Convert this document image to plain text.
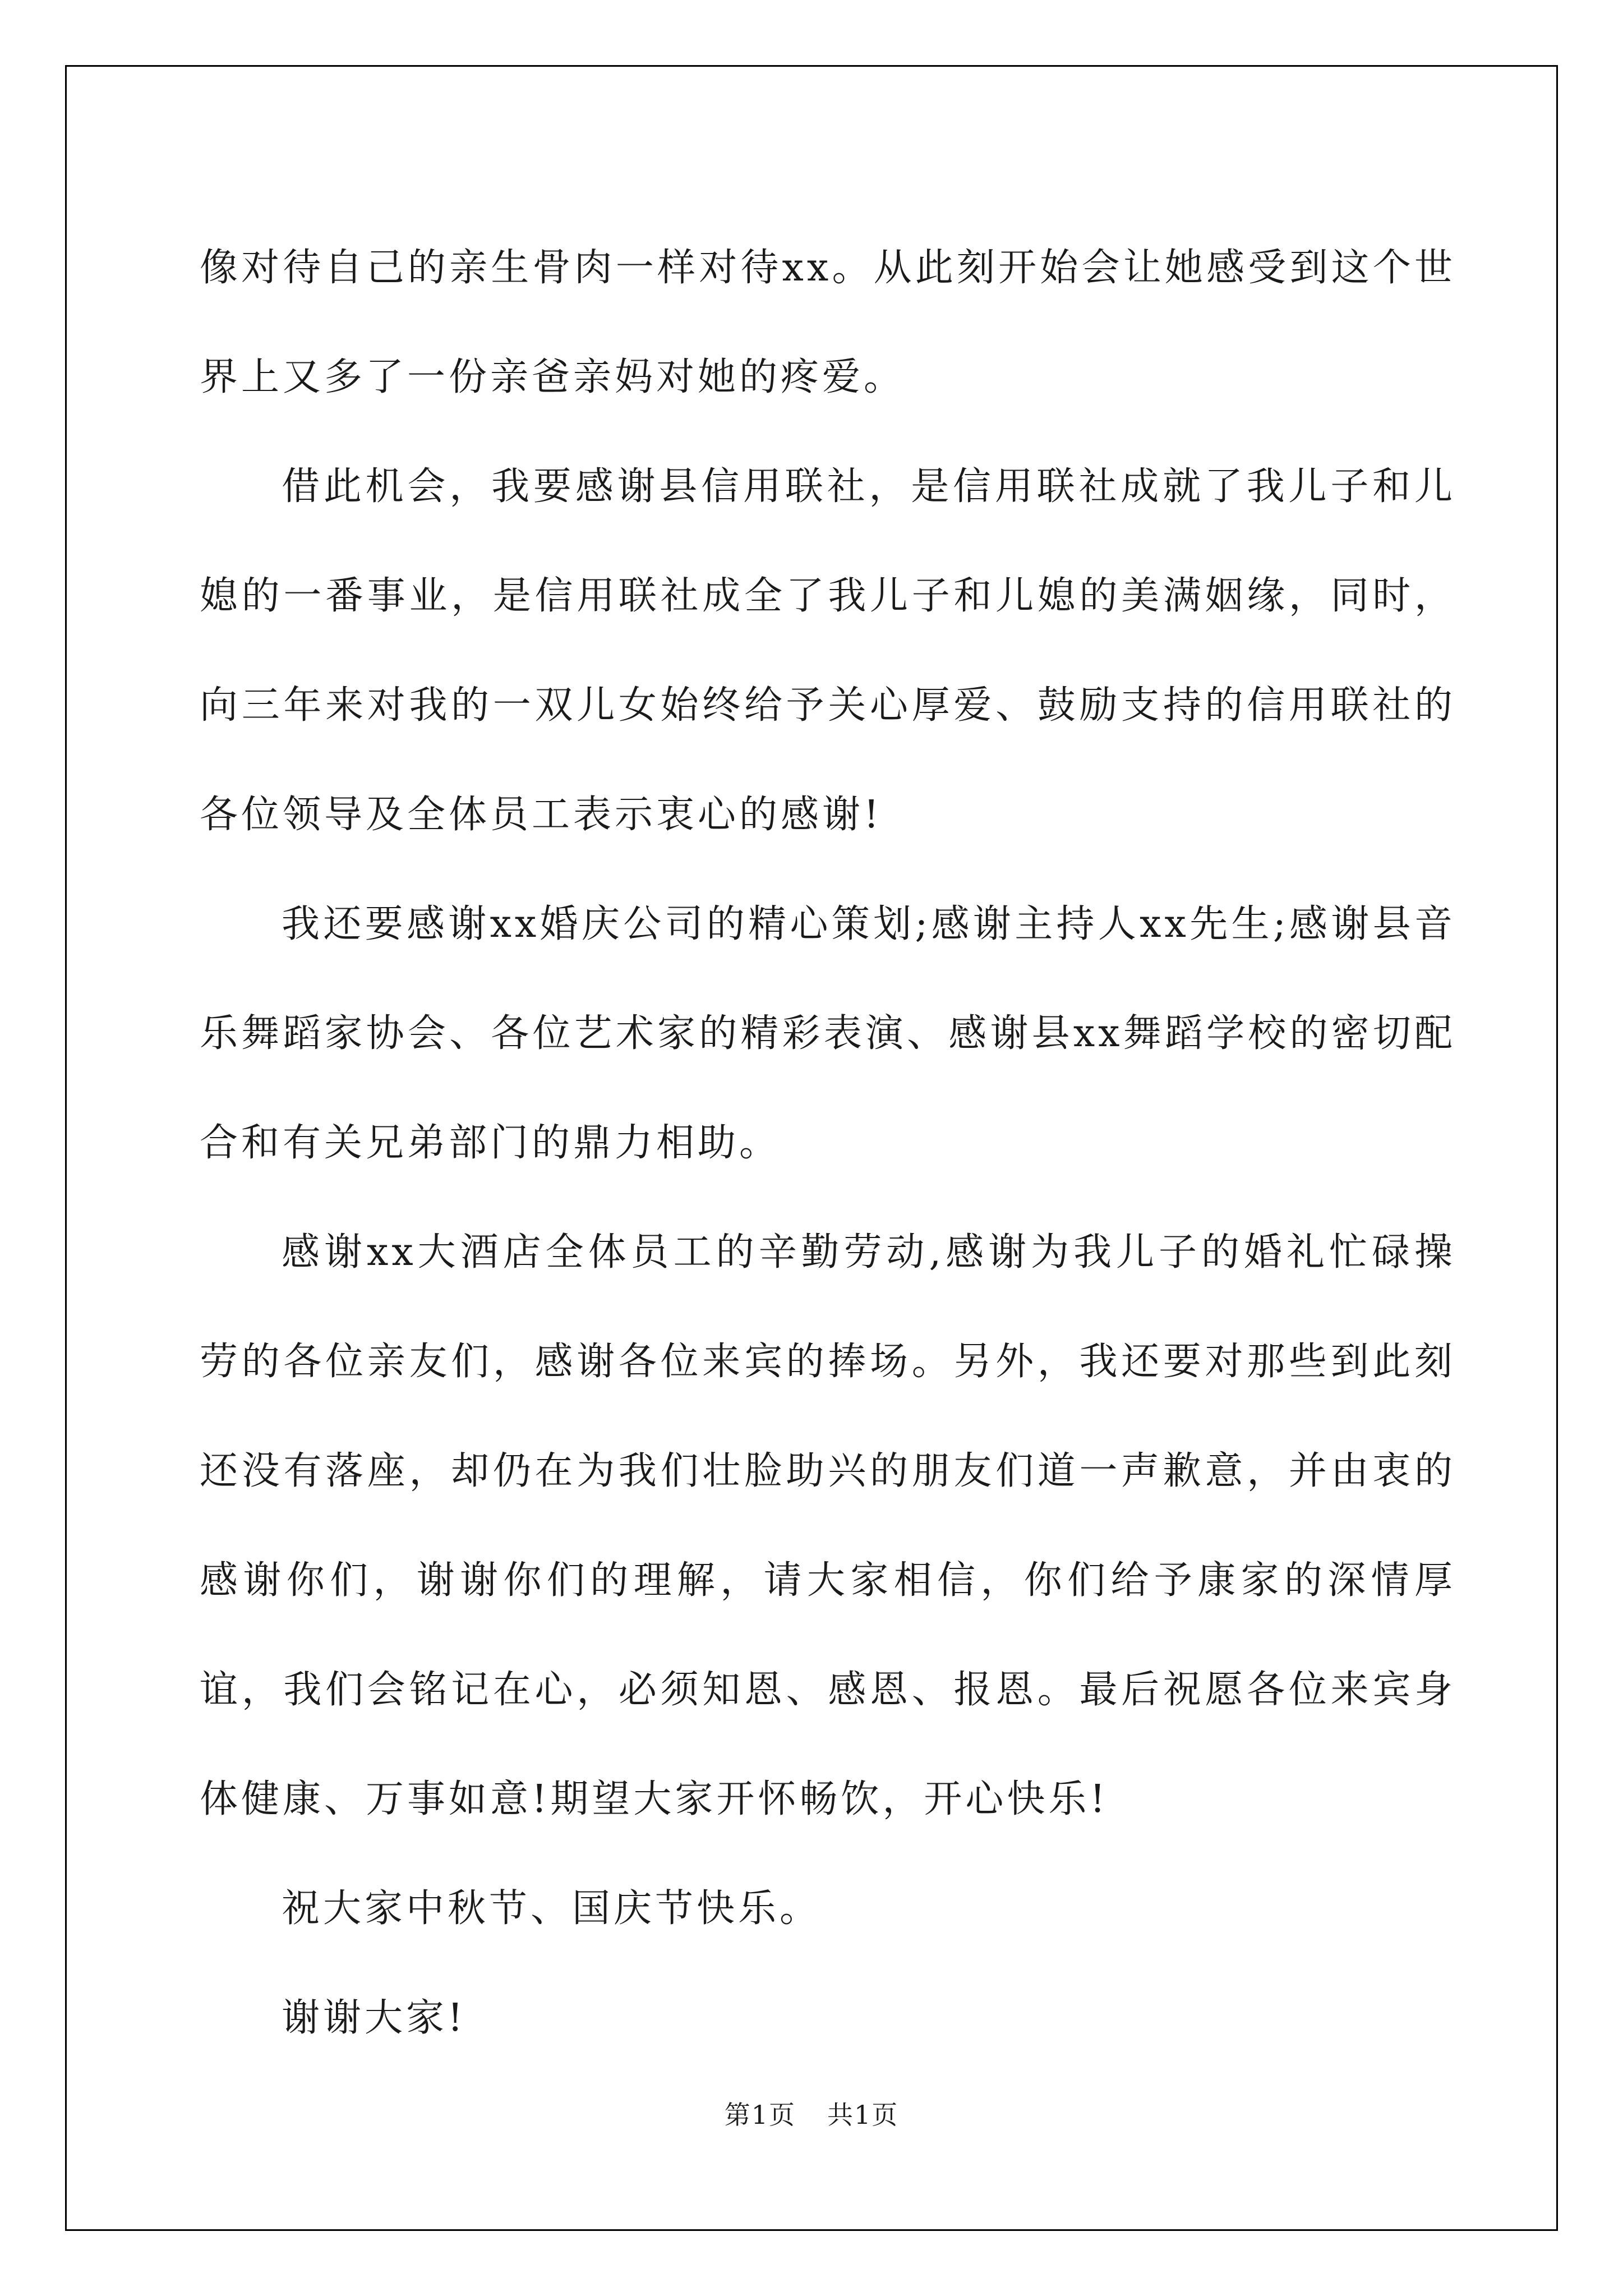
像对待自己的亲生骨肉一样对待xx。从此刻开始会让她感受到这个世界上又多了一份亲爸亲妈对她的疼爱。

借此机会，我要感谢县信用联社，是信用联社成就了我儿子和儿媳的一番事业，是信用联社成全了我儿子和儿媳的美满姻缘，同时，向三年来对我的一双儿女始终给予关心厚爱、鼓励支持的信用联社的各位领导及全体员工表示衷心的感谢!

我还要感谢xx婚庆公司的精心策划;感谢主持人xx先生;感谢县音乐舞蹈家协会、各位艺术家的精彩表演、感谢县xx舞蹈学校的密切配合和有关兄弟部门的鼎力相助。

感谢xx大酒店全体员工的辛勤劳动,感谢为我儿子的婚礼忙碌操劳的各位亲友们，感谢各位来宾的捧场。另外，我还要对那些到此刻还没有落座，却仍在为我们壮脸助兴的朋友们道一声歉意，并由衷的感谢你们，谢谢你们的理解，请大家相信，你们给予康家的深情厚谊，我们会铭记在心，必须知恩、感恩、报恩。最后祝愿各位来宾身体健康、万事如意!期望大家开怀畅饮，开心快乐!

祝大家中秋节、国庆节快乐。

谢谢大家!

第1页 共1页
